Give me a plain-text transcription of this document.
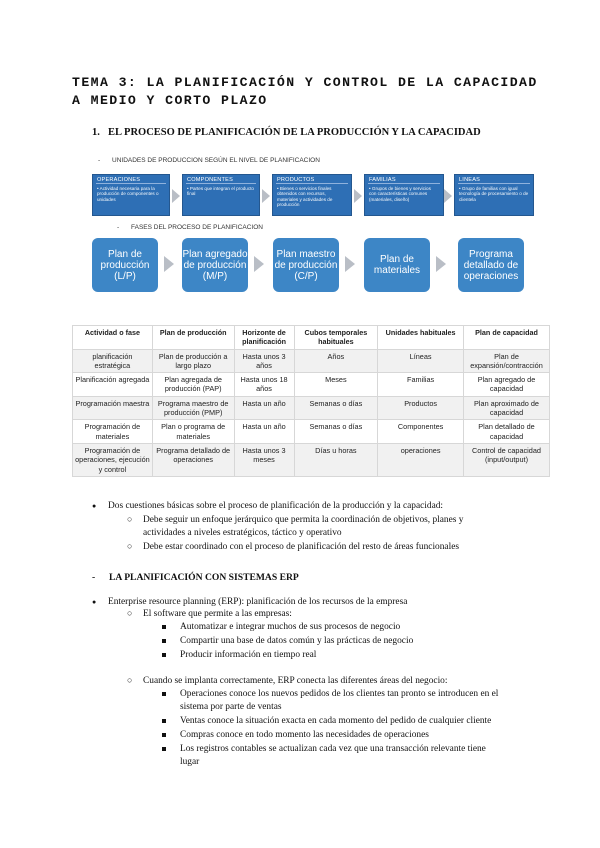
TEMA 3: LA PLANIFICACIÓN Y CONTROL DE LA CAPACIDAD A MEDIO Y CORTO PLAZO
1. EL PROCESO DE PLANIFICACIÓN DE LA PRODUCCIÓN Y LA CAPACIDAD
- UNIDADES DE PRODUCCION SEGÚN EL NIVEL DE PLANIFICACION
OPERACIONES
• Actividad necesaria para la producción de componentes o unidades
COMPONENTES
• Partes que integran el producto final
PRODUCTOS
• Bienes o servicios finales obtenidos con recursos, materiales y actividades de producción
FAMILIAS
• Grupos de bienes y servicios con características comunes (materiales, diseño)
LINEAS
• Grupo de familias con igual tecnología de procesamiento o de clientela
- FASES DEL PROCESO DE PLANIFICACION
Plan de producción (L/P)
Plan agregado de producción (M/P)
Plan maestro de producción (C/P)
Plan de materiales
Programa detallado de operaciones
Actividad o fase	Plan de producción	Horizonte de planificación	Cubos temporales habituales	Unidades habituales	Plan de capacidad
planificación estratégica	Plan de producción a largo plazo	Hasta unos 3 años	Años	Líneas	Plan de expansión/contracción
Planificación agregada	Plan agregada de producción (PAP)	Hasta unos 18 años	Meses	Familias	Plan agregado de capacidad
Programación maestra	Programa maestro de producción (PMP)	Hasta un año	Semanas o días	Productos	Plan aproximado de capacidad
Programación de materiales	Plan o programa de materiales	Hasta un año	Semanas o días	Componentes	Plan detallado de capacidad
Programación de operaciones, ejecución y control	Programa detallado de operaciones	Hasta unos 3 meses	Días u horas	operaciones	Control de capacidad (input/output)
● Dos cuestiones básicas sobre el proceso de planificación de la producción y la capacidad:
○ Debe seguir un enfoque jerárquico que permita la coordinación de objetivos, planes y
actividades a niveles estratégicos, táctico y operativo
○ Debe estar coordinado con el proceso de planificación del resto de áreas funcionales
- LA PLANIFICACIÓN CON SISTEMAS ERP
● Enterprise resource planning (ERP): planificación de los recursos de la empresa
○ El software que permite a las empresas:
Automatizar e integrar muchos de sus procesos de negocio
Compartir una base de datos común y las prácticas de negocio
Producir información en tiempo real
○ Cuando se implanta correctamente, ERP conecta las diferentes áreas del negocio:
Operaciones conoce los nuevos pedidos de los clientes tan pronto se introducen en el
sistema por parte de ventas
Ventas conoce la situación exacta en cada momento del pedido de cualquier cliente
Compras conoce en todo momento las necesidades de operaciones
Los registros contables se actualizan cada vez que una transacción relevante tiene
lugar
